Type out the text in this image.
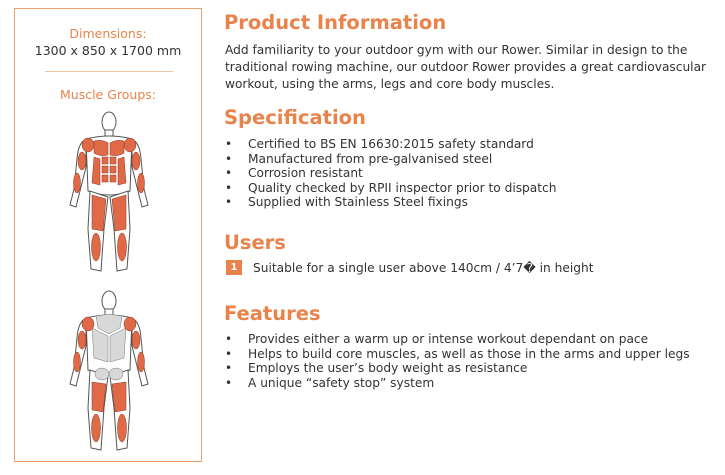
Dimensions:
1300 x 850 x 1700 mm
Muscle Groups:
Product Information
Add familiarity to your outdoor gym with our Rower. Similar in design to the traditional rowing machine, our outdoor Rower provides a great cardiovascular workout, using the arms, legs and core body muscles.
Specification
• Certified to BS EN 16630:2015 safety standard
• Manufactured from pre-galvanised steel
• Corrosion resistant
• Quality checked by RPII inspector prior to dispatch
• Supplied with Stainless Steel fixings
Users
1	Suitable for a single user above 140cm / 4’7� in height
Features
• Provides either a warm up or intense workout dependant on pace
• Helps to build core muscles, as well as those in the arms and upper legs
• Employs the user’s body weight as resistance
• A unique “safety stop” system
